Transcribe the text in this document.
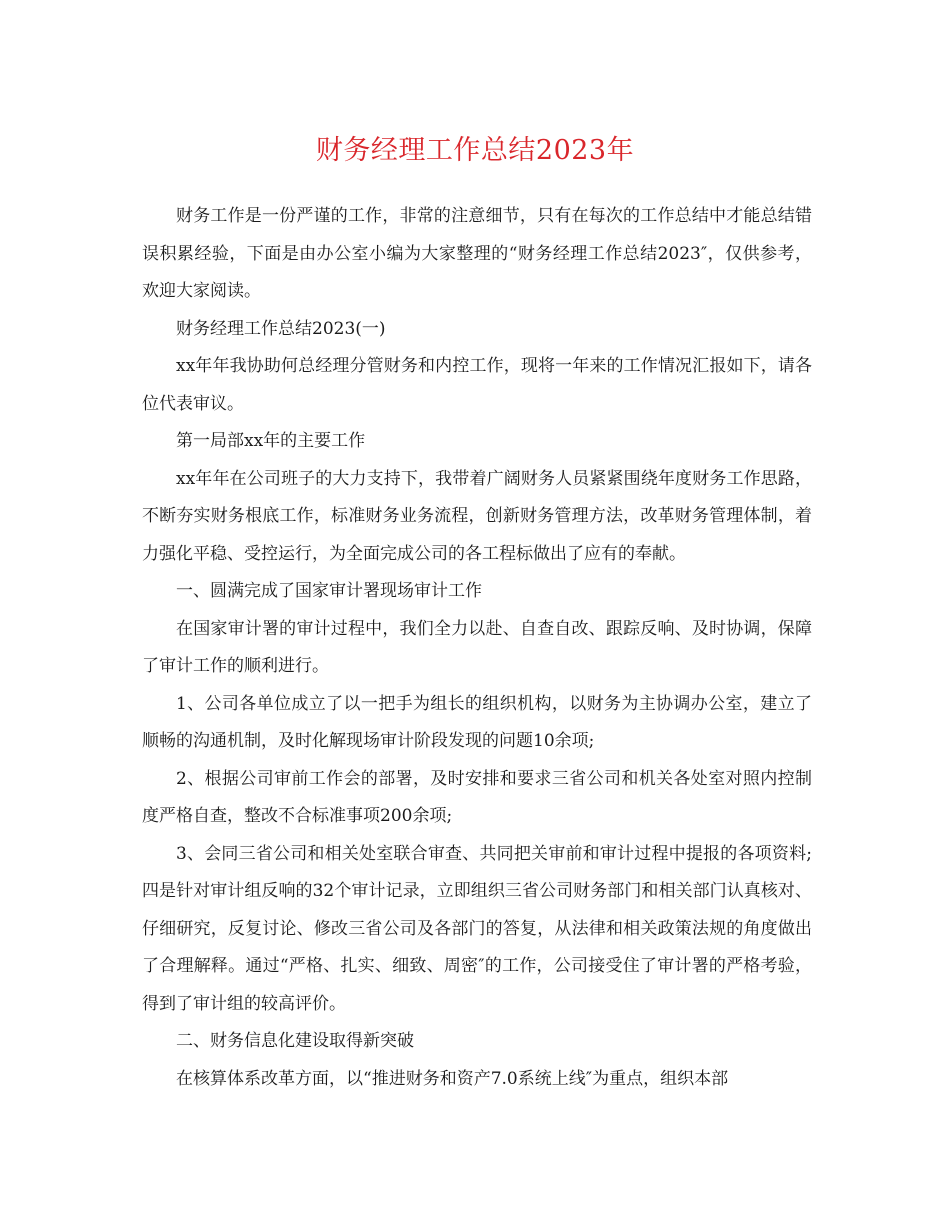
财务经理工作总结2023年

财务工作是一份严谨的工作，非常的注意细节，只有在每次的工作总结中才能总结错误积累经验，下面是由办公室小编为大家整理的“财务经理工作总结2023″，仅供参考，欢迎大家阅读。

财务经理工作总结2023(一)

xx年年我协助何总经理分管财务和内控工作，现将一年来的工作情况汇报如下，请各位代表审议。

第一局部xx年的主要工作

xx年年在公司班子的大力支持下，我带着广阔财务人员紧紧围绕年度财务工作思路，不断夯实财务根底工作，标准财务业务流程，创新财务管理方法，改革财务管理体制，着力强化平稳、受控运行，为全面完成公司的各工程标做出了应有的奉献。

一、圆满完成了国家审计署现场审计工作

在国家审计署的审计过程中，我们全力以赴、自查自改、跟踪反响、及时协调，保障了审计工作的顺利进行。

1、公司各单位成立了以一把手为组长的组织机构，以财务为主协调办公室，建立了顺畅的沟通机制，及时化解现场审计阶段发现的问题10余项;

2、根据公司审前工作会的部署，及时安排和要求三省公司和机关各处室对照内控制度严格自查，整改不合标准事项200余项;

3、会同三省公司和相关处室联合审查、共同把关审前和审计过程中提报的各项资料;四是针对审计组反响的32个审计记录，立即组织三省公司财务部门和相关部门认真核对、仔细研究，反复讨论、修改三省公司及各部门的答复，从法律和相关政策法规的角度做出了合理解释。通过“严格、扎实、细致、周密″的工作，公司接受住了审计署的严格考验，得到了审计组的较高评价。

二、财务信息化建设取得新突破

在核算体系改革方面，以“推进财务和资产7.0系统上线″为重点，组织本部
